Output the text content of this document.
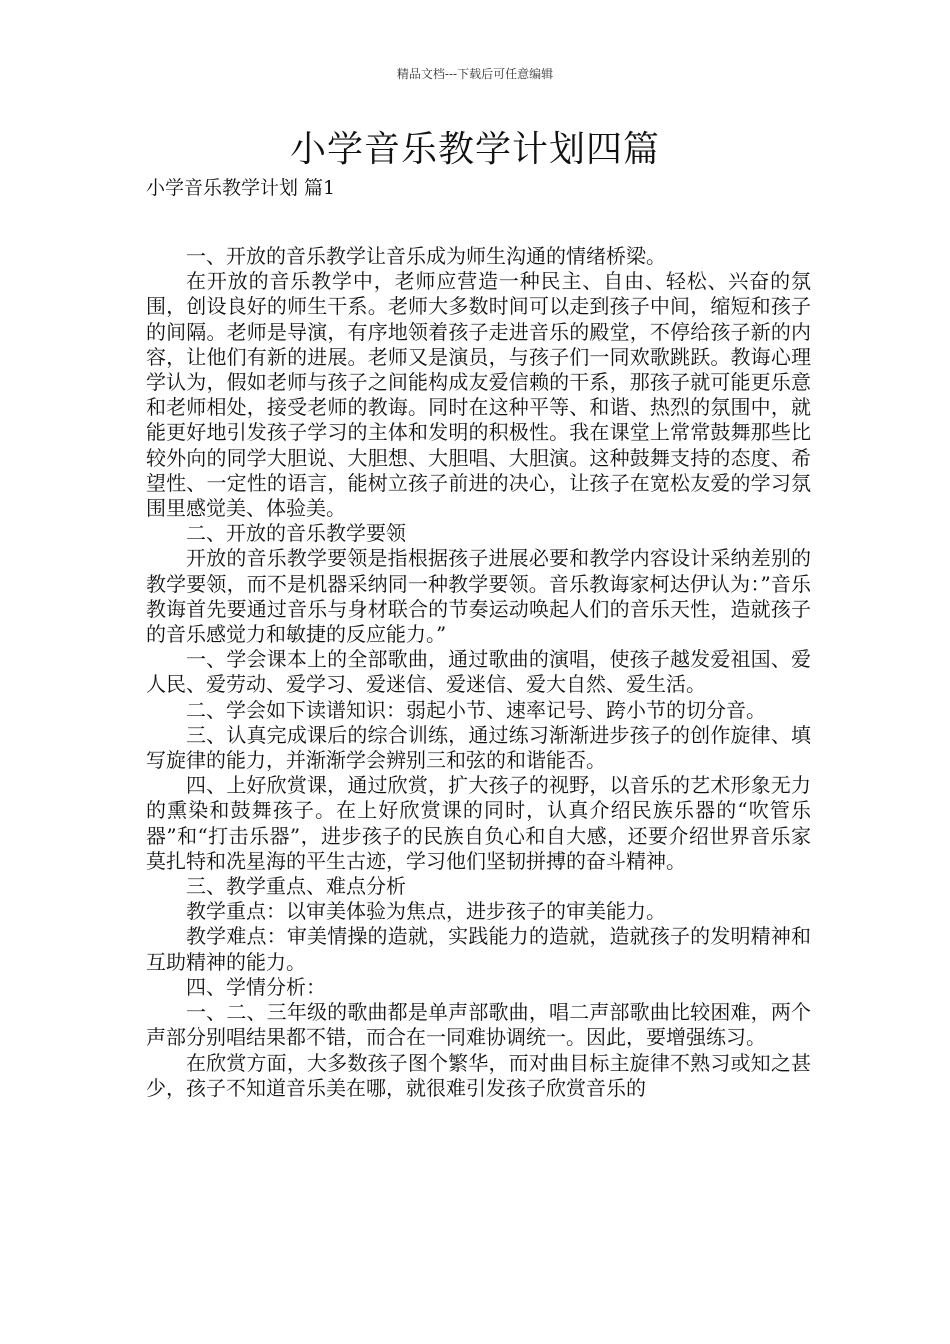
精品文档---下载后可任意编辑
小学音乐教学计划四篇
小学音乐教学计划 篇1

一、开放的音乐教学让音乐成为师生沟通的情绪桥梁。

在开放的音乐教学中，老师应营造一种民主、自由、轻松、兴奋的氛围，创设良好的师生干系。老师大多数时间可以走到孩子中间，缩短和孩子的间隔。老师是导演，有序地领着孩子走进音乐的殿堂，不停给孩子新的内容，让他们有新的进展。老师又是演员，与孩子们一同欢歌跳跃。教诲心理学认为，假如老师与孩子之间能构成友爱信赖的干系，那孩子就可能更乐意和老师相处，接受老师的教诲。同时在这种平等、和谐、热烈的氛围中，就能更好地引发孩子学习的主体和发明的积极性。我在课堂上常常鼓舞那些比较外向的同学大胆说、大胆想、大胆唱、大胆演。这种鼓舞支持的态度、希望性、一定性的语言，能树立孩子前进的决心，让孩子在宽松友爱的学习氛围里感觉美、体验美。

二、开放的音乐教学要领

开放的音乐教学要领是指根据孩子进展必要和教学内容设计采纳差别的教学要领，而不是机器采纳同一种教学要领。音乐教诲家柯达伊认为：”音乐教诲首先要通过音乐与身材联合的节奏运动唤起人们的音乐天性，造就孩子的音乐感觉力和敏捷的反应能力。”

一、学会课本上的全部歌曲，通过歌曲的演唱，使孩子越发爱祖国、爱人民、爱劳动、爱学习、爱迷信、爱迷信、爱大自然、爱生活。

二、学会如下读谱知识：弱起小节、速率记号、跨小节的切分音。

三、认真完成课后的综合训练，通过练习渐渐进步孩子的创作旋律、填写旋律的能力，并渐渐学会辨别三和弦的和谐能否。

四、上好欣赏课，通过欣赏，扩大孩子的视野，以音乐的艺术形象无力的熏染和鼓舞孩子。在上好欣赏课的同时，认真介绍民族乐器的“吹管乐器”和“打击乐器”，进步孩子的民族自负心和自大感，还要介绍世界音乐家莫扎特和冼星海的平生古迹，学习他们坚韧拼搏的奋斗精神。

三、教学重点、难点分析

教学重点：以审美体验为焦点，进步孩子的审美能力。

教学难点：审美情操的造就，实践能力的造就，造就孩子的发明精神和互助精神的能力。

四、学情分析：

一、二、三年级的歌曲都是单声部歌曲，唱二声部歌曲比较困难，两个声部分别唱结果都不错，而合在一同难协调统一。因此，要增强练习。

在欣赏方面，大多数孩子图个繁华，而对曲目标主旋律不熟习或知之甚少，孩子不知道音乐美在哪，就很难引发孩子欣赏音乐的
